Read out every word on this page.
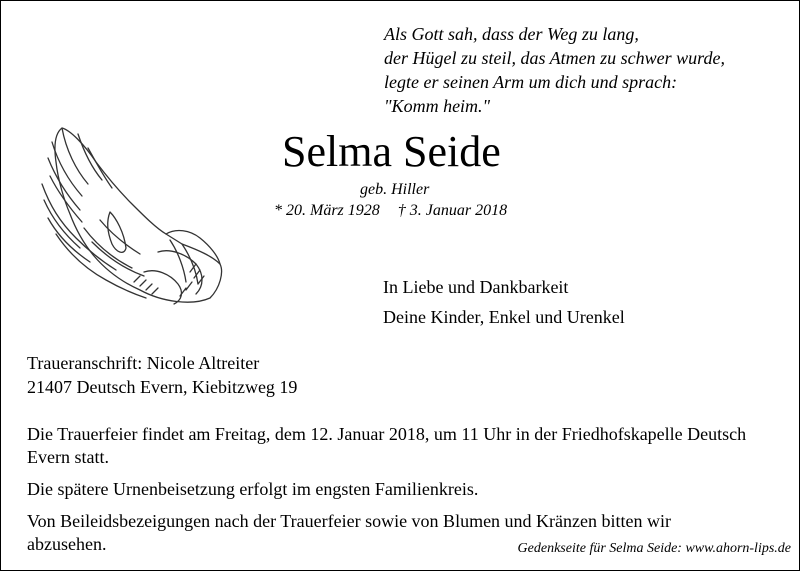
Als Gott sah, dass der Weg zu lang,
der Hügel zu steil, das Atmen zu schwer wurde,
legte er seinen Arm um dich und sprach:
"Komm heim."
Selma Seide
geb. Hiller
* 20. März 1928 † 3. Januar 2018
In Liebe und Dankbarkeit
Deine Kinder, Enkel und Urenkel
Traueranschrift: Nicole Altreiter
21407 Deutsch Evern, Kiebitzweg 19

Die Trauerfeier findet am Freitag, dem 12. Januar 2018, um 11 Uhr in der Friedhofskapelle Deutsch Evern statt.

Die spätere Urnenbeisetzung erfolgt im engsten Familienkreis.

Von Beileidsbezeigungen nach der Trauerfeier sowie von Blumen und Kränzen bitten wir abzusehen.	Gedenkseite für Selma Seide: www.ahorn-lips.de
